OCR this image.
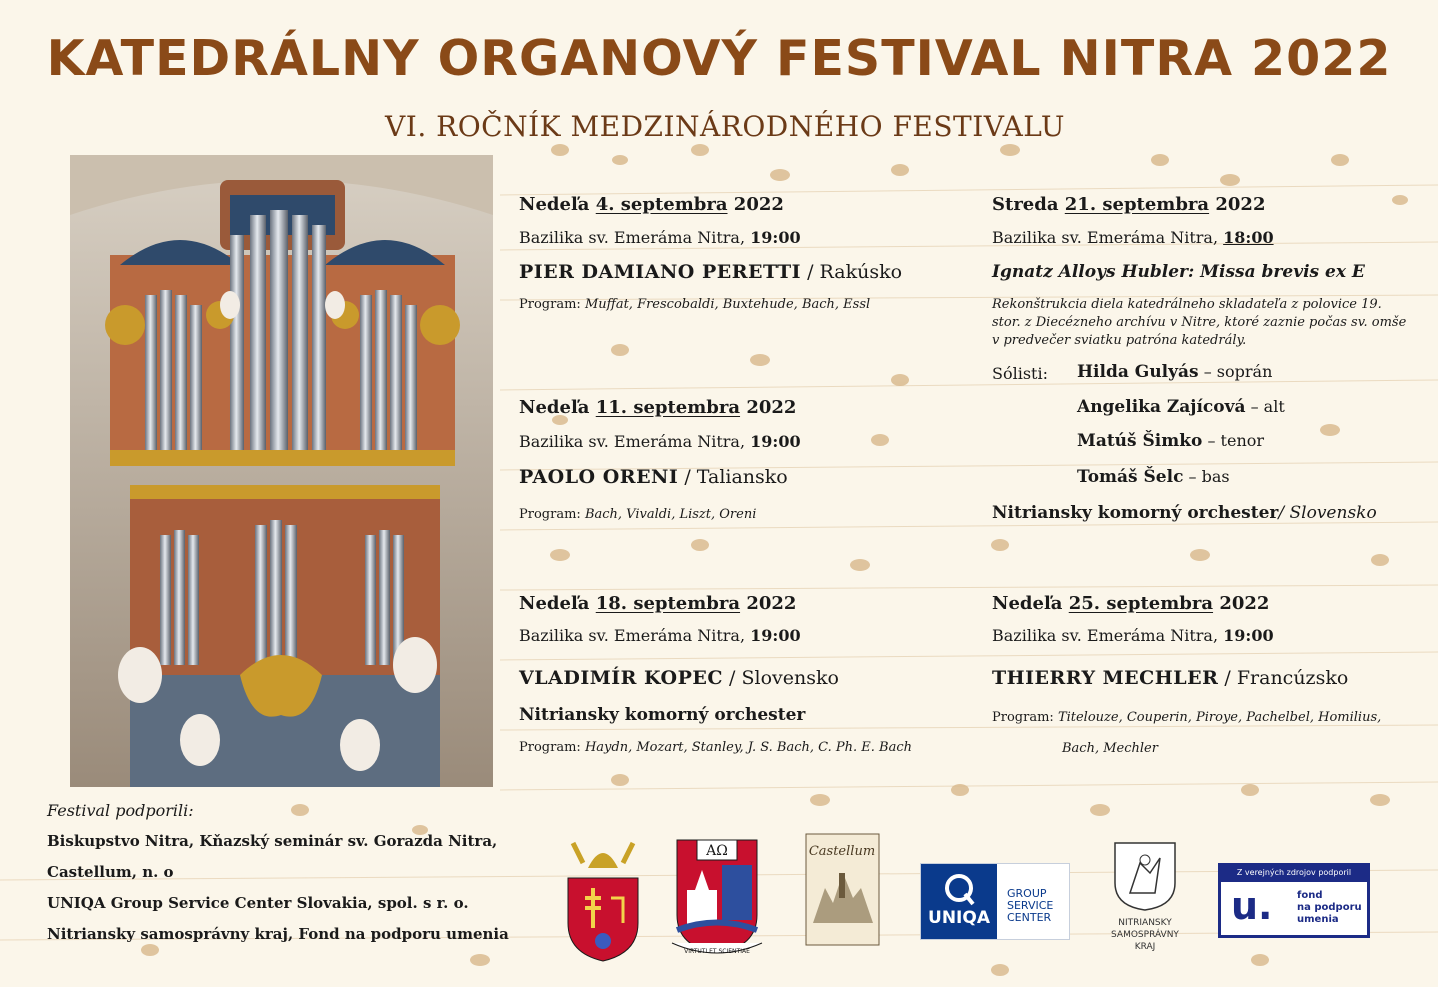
KATEDRÁLNY ORGANOVÝ FESTIVAL NITRA 2022
VI. ROČNÍK MEDZINÁRODNÉHO FESTIVALU
Nedeľa 4. septembra 2022
Bazilika sv. Emeráma Nitra, 19:00
PIER DAMIANO PERETTI / Rakúsko
Program: Muffat, Frescobaldi, Buxtehude, Bach, Essl
Nedeľa 11. septembra 2022
Bazilika sv. Emeráma Nitra, 19:00
PAOLO ORENI / Taliansko
Program: Bach, Vivaldi, Liszt, Oreni
Nedeľa 18. septembra 2022
Bazilika sv. Emeráma Nitra, 19:00
VLADIMÍR KOPEC / Slovensko
Nitriansky komorný orchester
Program: Haydn, Mozart, Stanley, J. S. Bach, C. Ph. E. Bach
Streda 21. septembra 2022
Bazilika sv. Emeráma Nitra, 18:00
Ignatz Alloys Hubler: Missa brevis ex E
Rekonštrukcia diela katedrálneho skladateľa z polovice 19. stor. z Diecézneho archívu v Nitre, ktoré zaznie počas sv. omše v predvečer sviatku patróna katedrály.
Sólisti: Hilda Gulyás – soprán
Angelika Zajícová – alt
Matúš Šimko – tenor
Tomáš Šelc – bas
Nitriansky komorný orchester/ Slovensko
Nedeľa 25. septembra 2022
Bazilika sv. Emeráma Nitra, 19:00
THIERRY MECHLER / Francúzsko
Program: Titelouze, Couperin, Piroye, Pachelbel, Homilius,
Bach, Mechler
Festival podporili:
Biskupstvo Nitra, Kňazský seminár sv. Gorazda Nitra,
Castellum, n. o
UNIQA Group Service Center Slovakia, spol. s r. o.
Nitriansky samosprávny kraj, Fond na podporu umenia
AΩ
VIRTUTI ET SCIENTIAE
Castellum
UNIQA
GROUP
SERVICE
CENTER	NITRIANSKY
SAMOSPRÁVNY
KRAJ
Z verejných zdrojov podporil
u. fond
na podporu
umenia
